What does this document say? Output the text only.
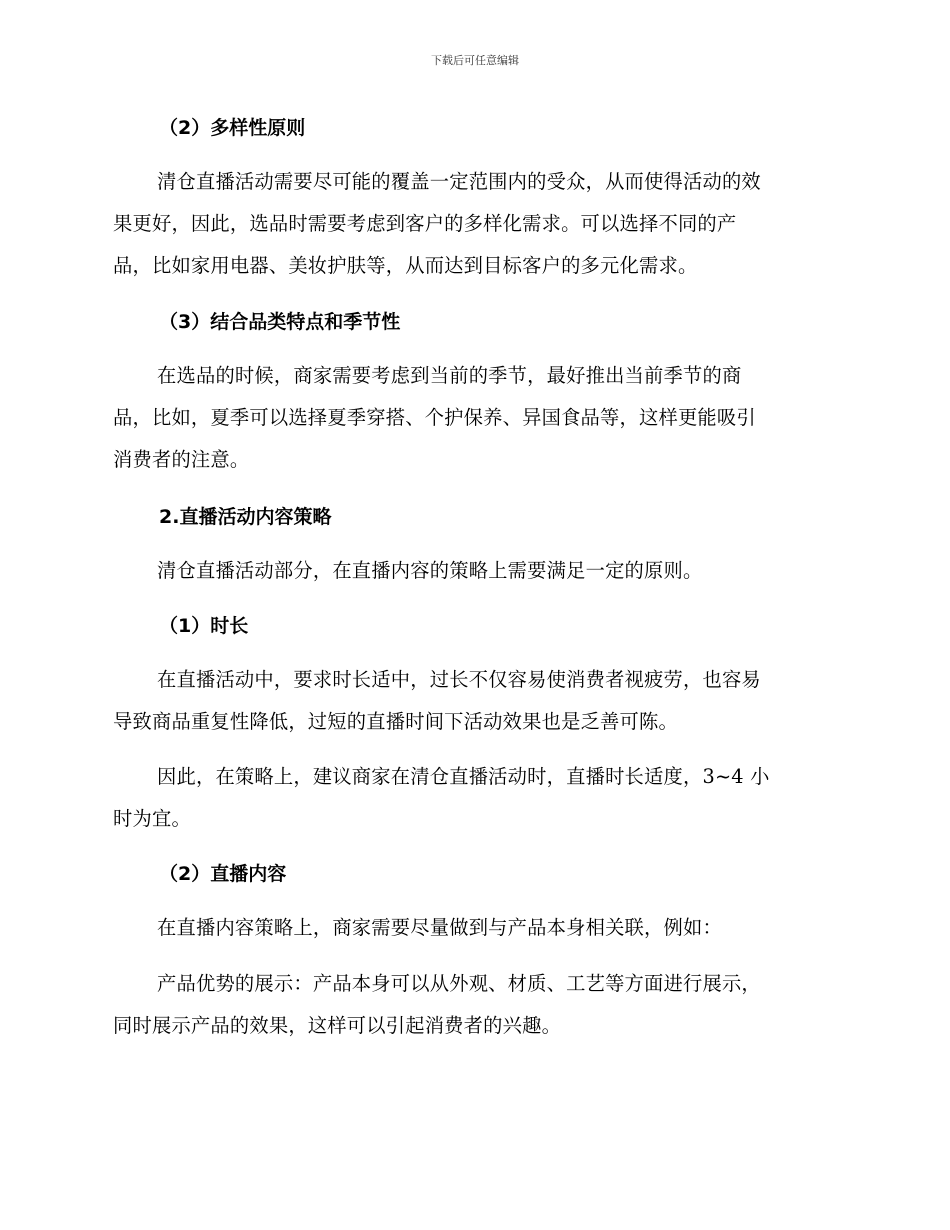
下载后可任意编辑
（2）多样性原则
清仓直播活动需要尽可能的覆盖一定范围内的受众，从而使得活动的效
果更好，因此，选品时需要考虑到客户的多样化需求。可以选择不同的产
品，比如家用电器、美妆护肤等，从而达到目标客户的多元化需求。
（3）结合品类特点和季节性
在选品的时候，商家需要考虑到当前的季节，最好推出当前季节的商
品，比如，夏季可以选择夏季穿搭、个护保养、异国食品等，这样更能吸引
消费者的注意。
2.直播活动内容策略
清仓直播活动部分，在直播内容的策略上需要满足一定的原则。
（1）时长
在直播活动中，要求时长适中，过长不仅容易使消费者视疲劳，也容易
导致商品重复性降低，过短的直播时间下活动效果也是乏善可陈。
因此，在策略上，建议商家在清仓直播活动时，直播时长适度，3~4 小
时为宜。
（2）直播内容
在直播内容策略上，商家需要尽量做到与产品本身相关联，例如：
产品优势的展示：产品本身可以从外观、材质、工艺等方面进行展示，
同时展示产品的效果，这样可以引起消费者的兴趣。
